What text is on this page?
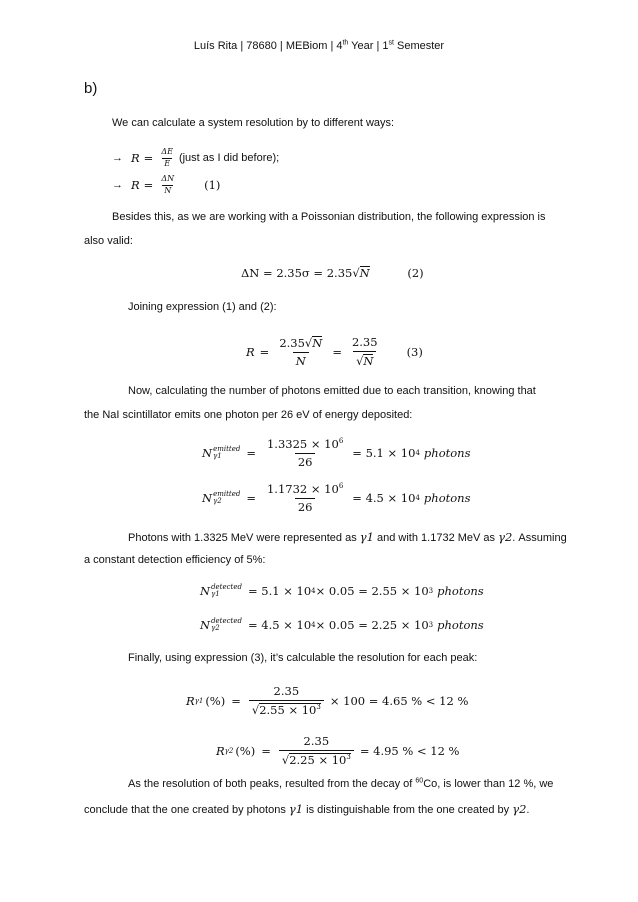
Luís Rita | 78680 | MEBiom | 4th Year | 1st Semester
b)
We can calculate a system resolution by to different ways:
→ $R = \frac{\Delta E}{E}$ (just as I did before);
→ $R = \frac{\Delta N}{N} (1)$
Besides this, as we are working with a Poissonian distribution, the following expression is
also valid:
ΔN = 2.35σ = 2.35√N	(2)
Joining expression (1) and (2):
$R = \frac{2.35√N}{N} = \frac{2.35}{√N} (3)$
Now, calculating the number of photons emitted due to each transition, knowing that
the NaI scintillator emits one photon per 26 eV of energy deposited:
N emitted
γ1	= $\frac{1.3325 \times 10^6}{26} = 5.1 \times 10$ 4 photons
N emitted
γ2	= $\frac{1.1732 \times 10^6}{26} = 4.5 \times 10$ 4 photons
Photons with 1.3325 MeV were represented as γ1 and with 1.1732 MeV as γ2. Assuming
a constant detection efficiency of 5%:
N detected
γ1	= 5.1 × 10 4 × 0.05 = 2.55 × 10 3 photons
N detected
γ2	= 4.5 × 10 4 × 0.05 = 2.25 × 10 3 photons
Finally, using expression (3), it’s calculable the resolution for each peak:
R γ1 (%) = $\frac{2.35}{√2.55 \times 10^3} \times 100 = 4.65$ % < 12 %
R γ2 (%) = $\frac{2.35}{√2.25 \times 10^3} = 4.95$ % < 12 %
As the resolution of both peaks, resulted from the decay of $^{60}$Co, is lower than 12 %, we
conclude that the one created by photons γ1 is distinguishable from the one created by γ2.
